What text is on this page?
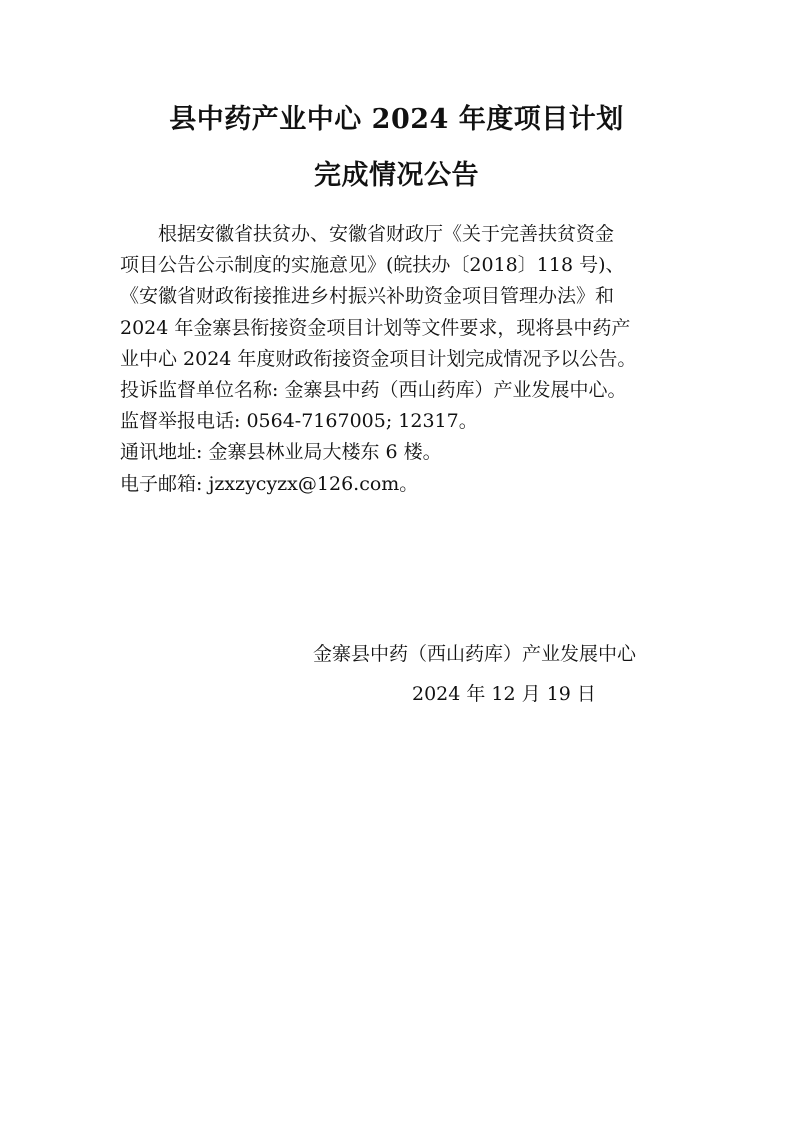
县中药产业中心 2024 年度项目计划
完成情况公告
　　根据安徽省扶贫办、安徽省财政厅《关于完善扶贫资金
项目公告公示制度的实施意见》(皖扶办〔2018〕118 号)、
《安徽省财政衔接推进乡村振兴补助资金项目管理办法》和
2024 年金寨县衔接资金项目计划等文件要求，现将县中药产
业中心 2024 年度财政衔接资金项目计划完成情况予以公告。
投诉监督单位名称: 金寨县中药（西山药库）产业发展中心。
监督举报电话: 0564-7167005; 12317。
通讯地址: 金寨县林业局大楼东 6 楼。
电子邮箱: jzxzycyzx@126.com。
金寨县中药（西山药库）产业发展中心
2024 年 12 月 19 日
